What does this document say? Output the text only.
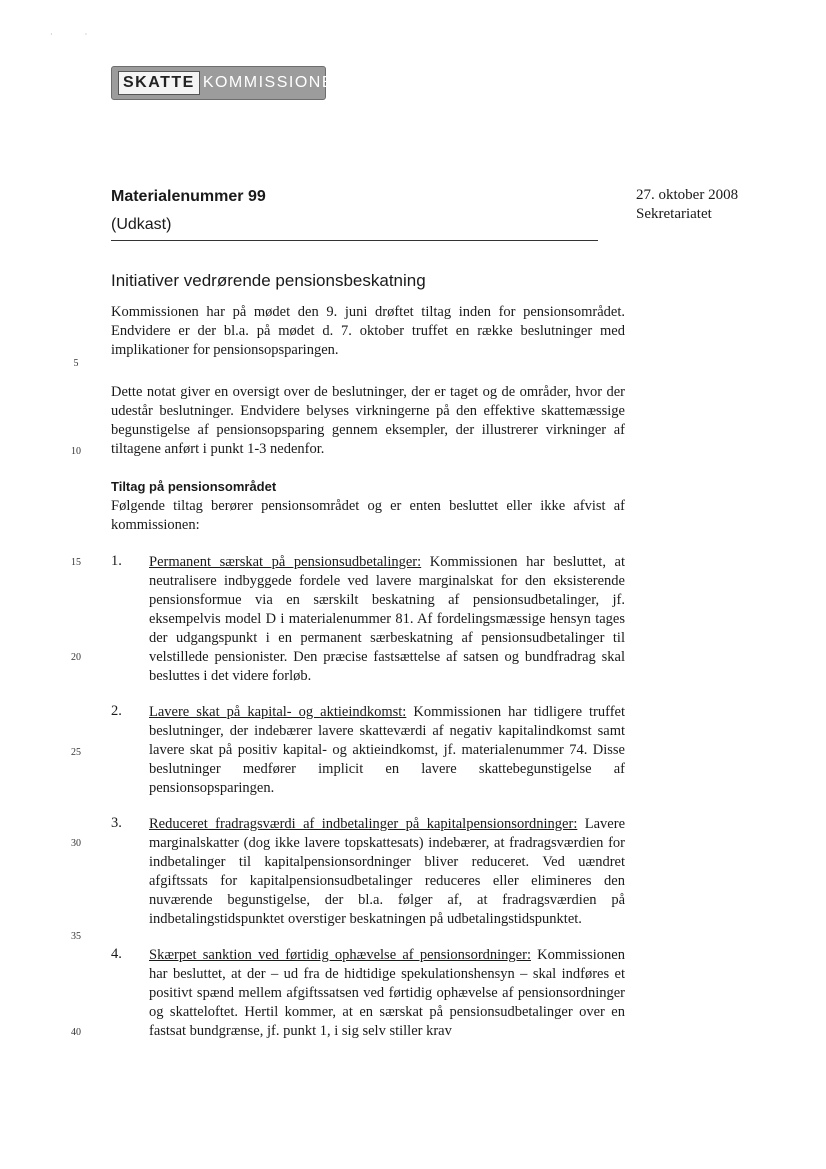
·                ·
SKATTE KOMMISSIONEN
Materialenummer 99
(Udkast)
27. oktober 2008
Sekretariatet
Initiativer vedrørende pensionsbeskatning
Kommissionen har på mødet den 9. juni drøftet tiltag inden for pensionsområdet. Endvidere er der bl.a. på mødet d. 7. oktober truffet en række beslutninger med implikationer for pensionsopsparingen.
Dette notat giver en oversigt over de beslutninger, der er taget og de områder, hvor der udestår beslutninger. Endvidere belyses virkningerne på den effektive skattemæssige begunstigelse af pensionsopsparing gennem eksempler, der illustrerer virkninger af tiltagene anført i punkt 1-3 nedenfor.
Tiltag på pensionsområdet
Følgende tiltag berører pensionsområdet og er enten besluttet eller ikke afvist af kommissionen:
1. Permanent særskat på pensionsudbetalinger: Kommissionen har besluttet, at neutralisere indbyggede fordele ved lavere marginalskat for den eksisterende pensionsformue via en særskilt beskatning af pensionsudbetalinger, jf. eksempelvis model D i materialenummer 81. Af fordelingsmæssige hensyn tages der udgangspunkt i en permanent særbeskatning af pensionsudbetalinger til velstillede pensionister. Den præcise fastsættelse af satsen og bundfradrag skal besluttes i det videre forløb.
2. Lavere skat på kapital- og aktieindkomst: Kommissionen har tidligere truffet beslutninger, der indebærer lavere skatteværdi af negativ kapitalindkomst samt lavere skat på positiv kapital- og aktieindkomst, jf. materialenummer 74. Disse beslutninger medfører implicit en lavere skattebegunstigelse af pensionsopsparingen.
3. Reduceret fradragsværdi af indbetalinger på kapitalpensionsordninger: Lavere marginalskatter (dog ikke lavere topskattesats) indebærer, at fradragsværdien for indbetalinger til kapitalpensionsordninger bliver reduceret. Ved uændret afgiftssats for kapitalpensionsudbetalinger reduceres eller elimineres den nuværende begunstigelse, der bl.a. følger af, at fradragsværdien på indbetalingstidspunktet overstiger beskatningen på udbetalingstidspunktet.
4. Skærpet sanktion ved førtidig ophævelse af pensionsordninger: Kommissionen har besluttet, at der – ud fra de hidtidige spekulationshensyn – skal indføres et positivt spænd mellem afgiftssatsen ved førtidig ophævelse af pensionsordninger og skatteloftet. Hertil kommer, at en særskat på pensionsudbetalinger over en fastsat bundgrænse, jf. punkt 1, i sig selv stiller krav
5
10
15
20
25
30
35
40
